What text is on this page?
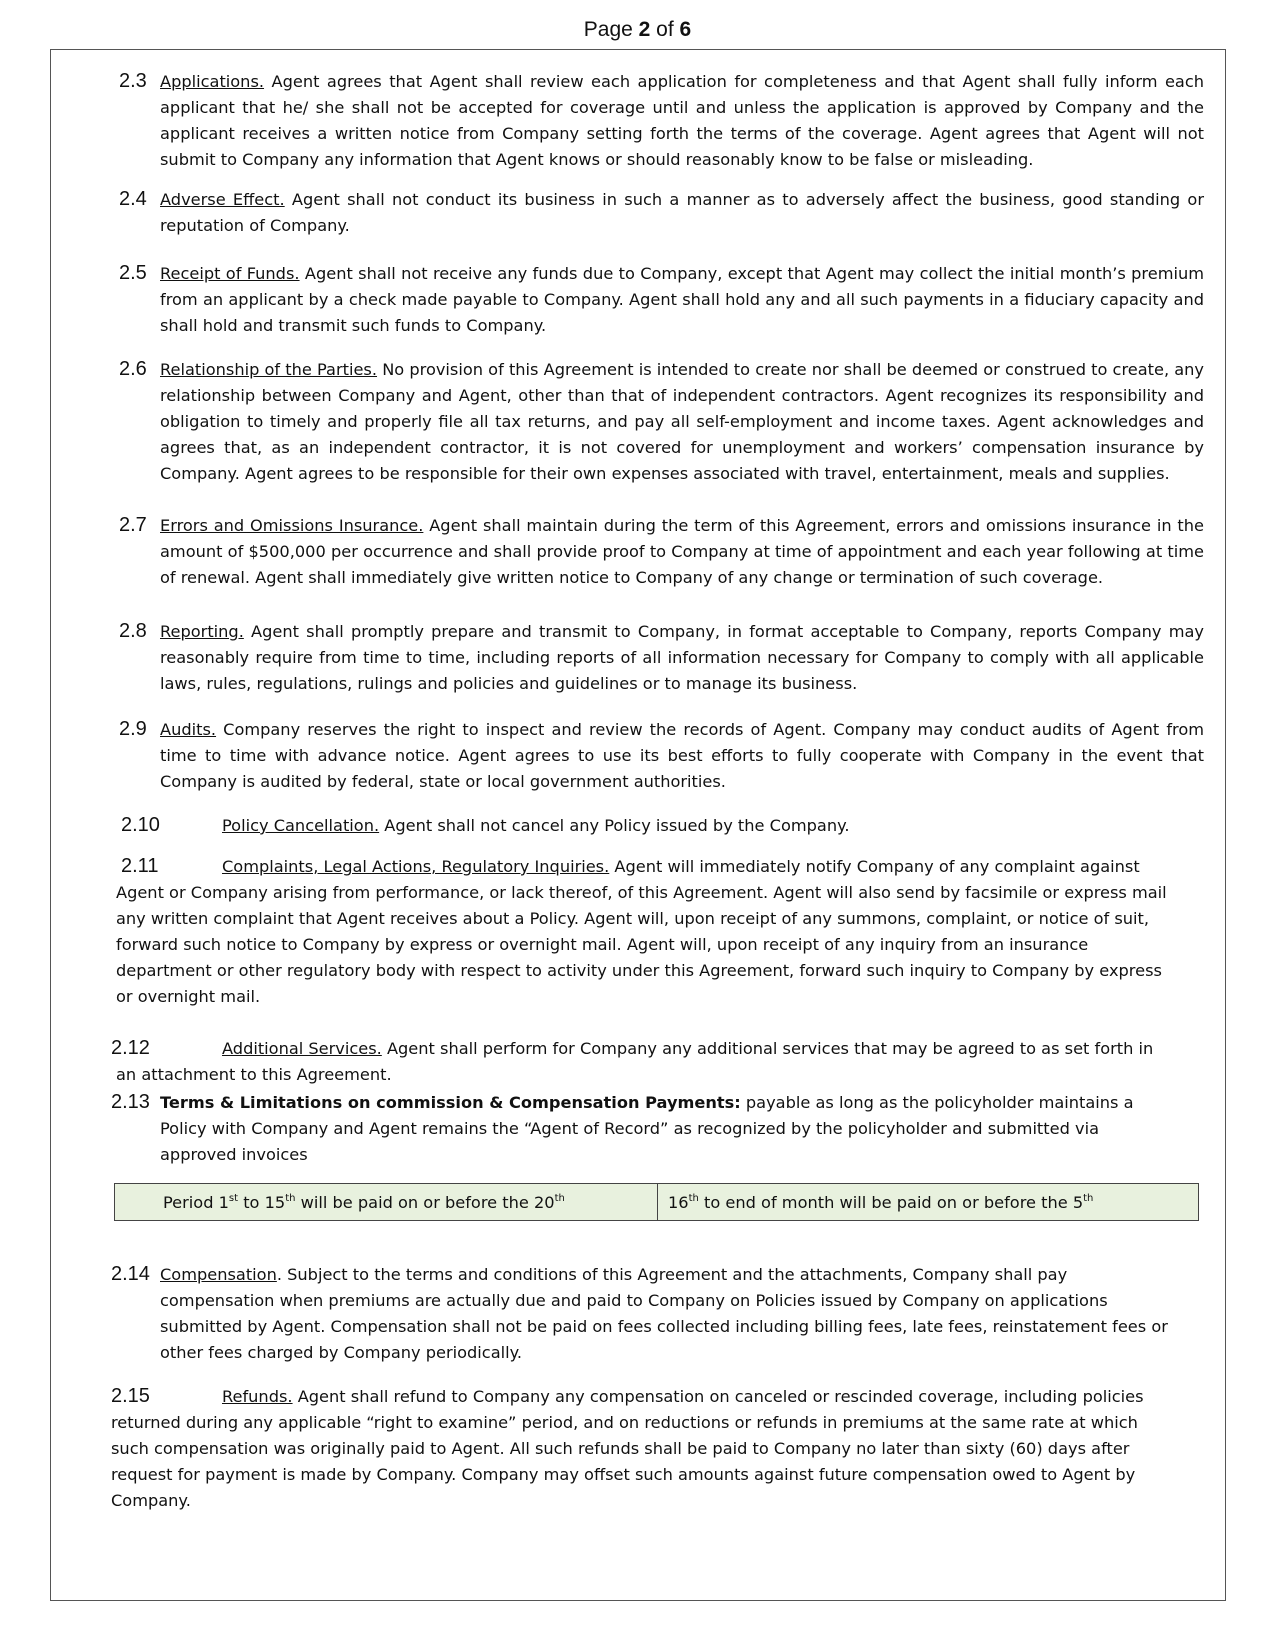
Page 2 of 6
2.3 Applications. Agent agrees that Agent shall review each application for completeness and that Agent shall fully inform each applicant that he/ she shall not be accepted for coverage until and unless the application is approved by Company and the applicant receives a written notice from Company setting forth the terms of the coverage. Agent agrees that Agent will not submit to Company any information that Agent knows or should reasonably know to be false or misleading.
2.4 Adverse Effect. Agent shall not conduct its business in such a manner as to adversely affect the business, good standing or reputation of Company.
2.5 Receipt of Funds. Agent shall not receive any funds due to Company, except that Agent may collect the initial month’s premium from an applicant by a check made payable to Company. Agent shall hold any and all such payments in a fiduciary capacity and shall hold and transmit such funds to Company.
2.6 Relationship of the Parties. No provision of this Agreement is intended to create nor shall be deemed or construed to create, any relationship between Company and Agent, other than that of independent contractors. Agent recognizes its responsibility and obligation to timely and properly file all tax returns, and pay all self-employment and income taxes. Agent acknowledges and agrees that, as an independent contractor, it is not covered for unemployment and workers’ compensation insurance by Company. Agent agrees to be responsible for their own expenses associated with travel, entertainment, meals and supplies.
2.7 Errors and Omissions Insurance. Agent shall maintain during the term of this Agreement, errors and omissions insurance in the amount of $500,000 per occurrence and shall provide proof to Company at time of appointment and each year following at time of renewal. Agent shall immediately give written notice to Company of any change or termination of such coverage.
2.8 Reporting. Agent shall promptly prepare and transmit to Company, in format acceptable to Company, reports Company may reasonably require from time to time, including reports of all information necessary for Company to comply with all applicable laws, rules, regulations, rulings and policies and guidelines or to manage its business.
2.9 Audits. Company reserves the right to inspect and review the records of Agent. Company may conduct audits of Agent from time to time with advance notice. Agent agrees to use its best efforts to fully cooperate with Company in the event that Company is audited by federal, state or local government authorities.
2.10	Policy Cancellation. Agent shall not cancel any Policy issued by the Company.
2.11	Complaints, Legal Actions, Regulatory Inquiries. Agent will immediately notify Company of any complaint against Agent or Company arising from performance, or lack thereof, of this Agreement. Agent will also send by facsimile or express mail any written complaint that Agent receives about a Policy. Agent will, upon receipt of any summons, complaint, or notice of suit, forward such notice to Company by express or overnight mail. Agent will, upon receipt of any inquiry from an insurance department or other regulatory body with respect to activity under this Agreement, forward such inquiry to Company by express or overnight mail.
2.12	Additional Services. Agent shall perform for Company any additional services that may be agreed to as set forth in an attachment to this Agreement.
2.13 Terms & Limitations on commission & Compensation Payments: payable as long as the policyholder maintains a Policy with Company and Agent remains the “Agent of Record” as recognized by the policyholder and submitted via approved invoices
Period 1st to 15th will be paid on or before the 20th	16th to end of month will be paid on or before the 5th
2.14 Compensation. Subject to the terms and conditions of this Agreement and the attachments, Company shall pay compensation when premiums are actually due and paid to Company on Policies issued by Company on applications submitted by Agent. Compensation shall not be paid on fees collected including billing fees, late fees, reinstatement fees or other fees charged by Company periodically.
2.15	Refunds. Agent shall refund to Company any compensation on canceled or rescinded coverage, including policies returned during any applicable “right to examine” period, and on reductions or refunds in premiums at the same rate at which such compensation was originally paid to Agent. All such refunds shall be paid to Company no later than sixty (60) days after request for payment is made by Company. Company may offset such amounts against future compensation owed to Agent by Company.
